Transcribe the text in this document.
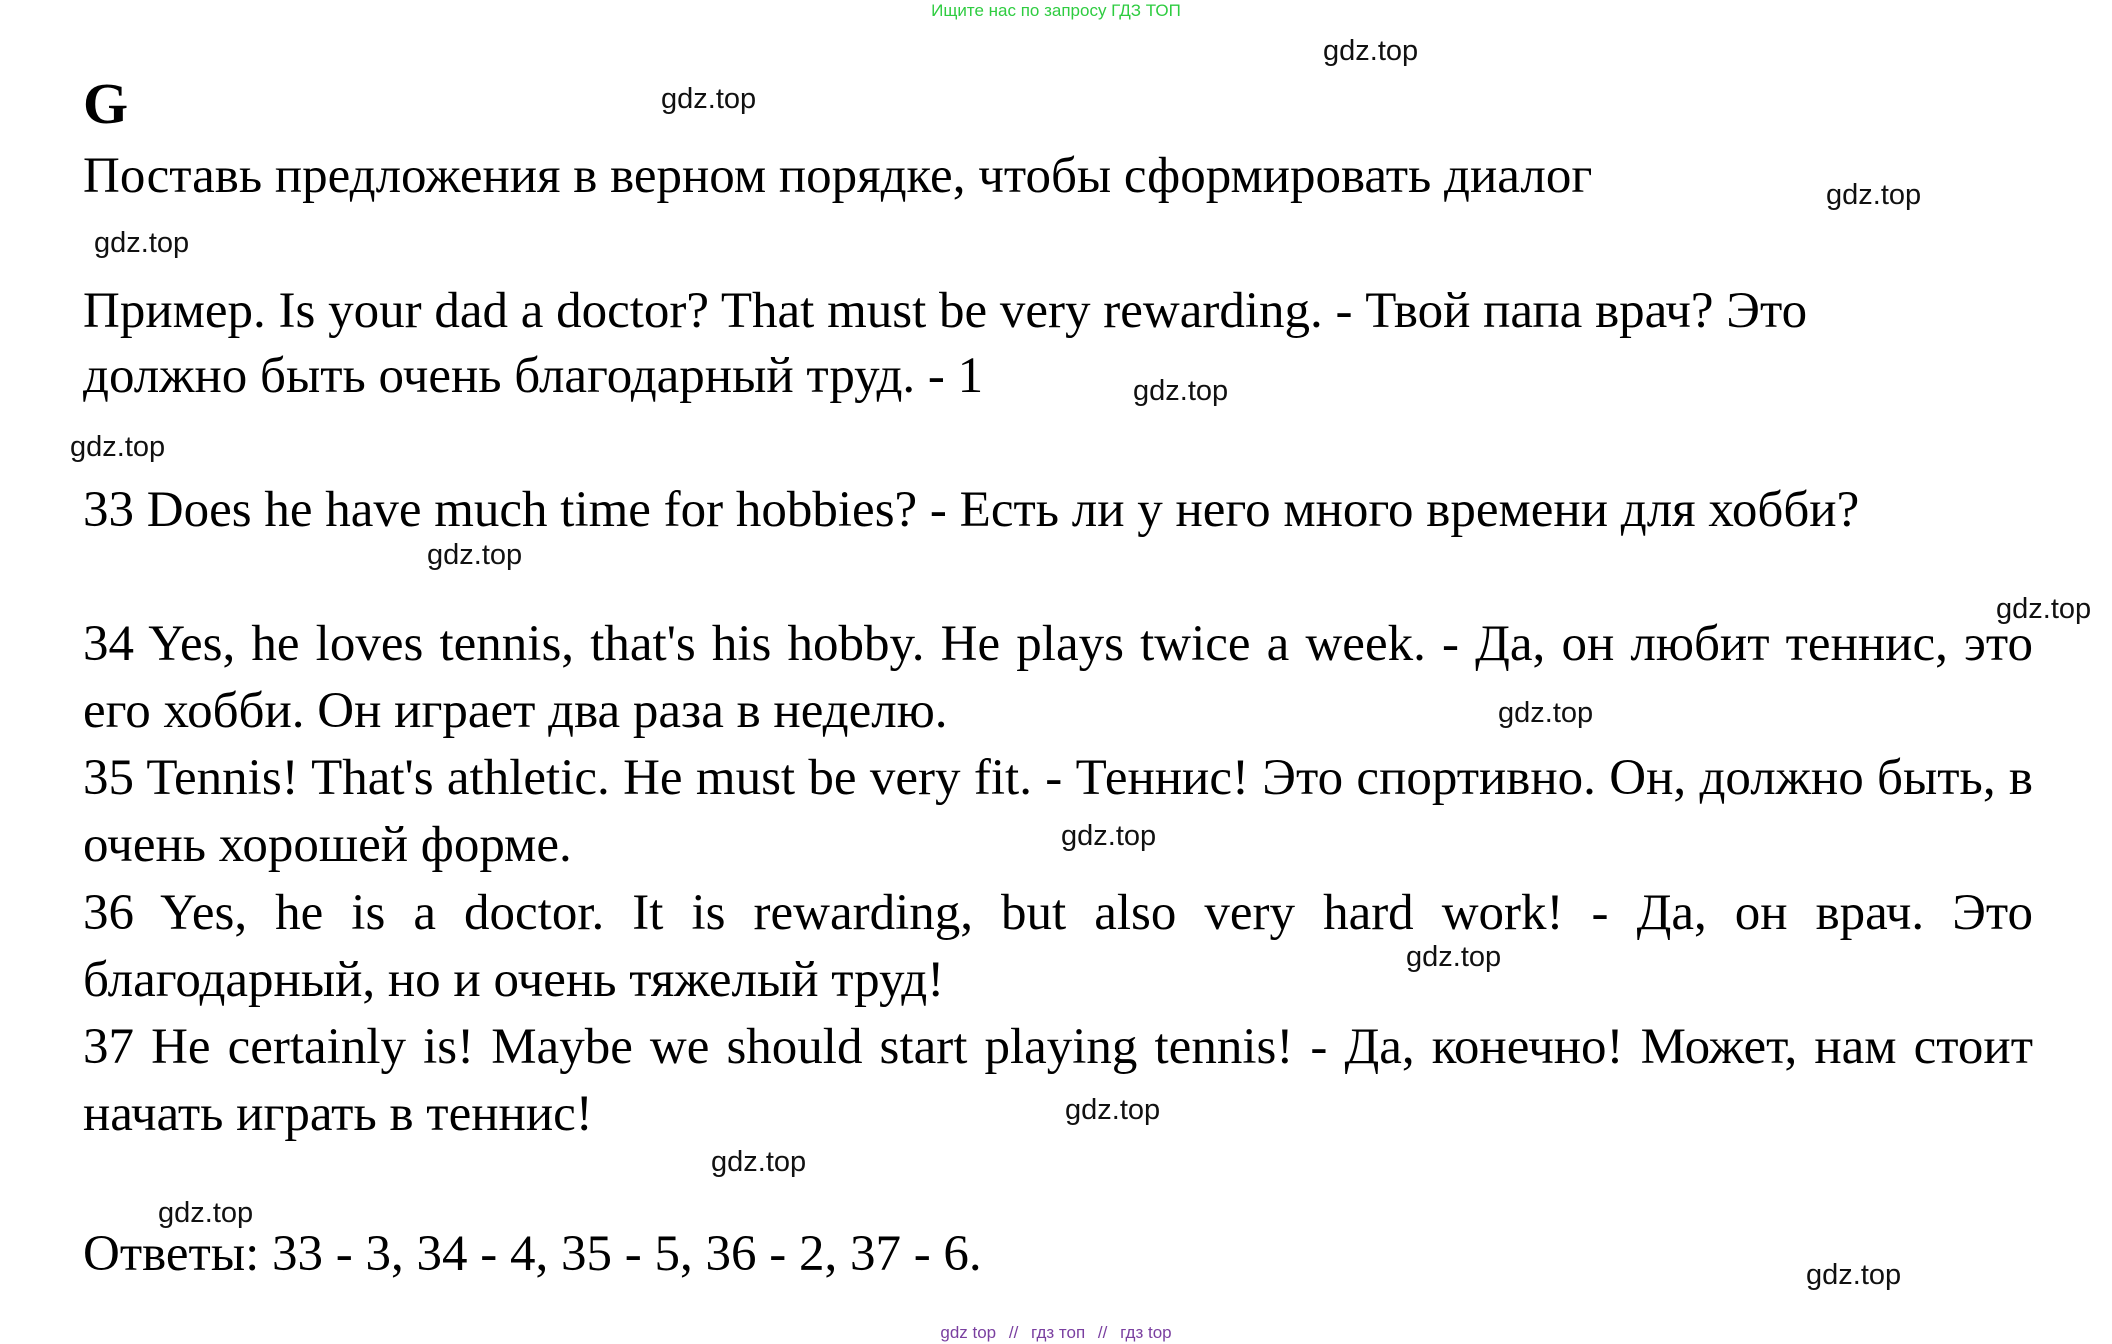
Ищите нас по запросу ГДЗ ТОП
G
Поставь предложения в верном порядке, чтобы сформировать диалог
Пример. Is your dad a doctor? That must be very rewarding. - Твой папа врач? Это
должно быть очень благодарный труд. - 1
33 Does he have much time for hobbies? - Есть ли у него много времени для хобби?
34 Yes, he loves tennis, that's his hobby. He plays twice a week. - Да, он любит теннис, это его хобби. Он играет два раза в неделю.
35 Tennis! That's athletic. He must be very fit. - Теннис! Это спортивно. Он, должно быть, в очень хорошей форме.
36 Yes, he is a doctor. It is rewarding, but also very hard work! - Да, он врач. Это благодарный, но и очень тяжелый труд!
37 He certainly is! Maybe we should start playing tennis! - Да, конечно! Может, нам стоит начать играть в теннис!
Ответы: 33 - 3, 34 - 4, 35 - 5, 36 - 2, 37 - 6.
gdz.top
gdz.top
gdz.top
gdz.top
gdz.top
gdz.top
gdz.top
gdz.top
gdz.top
gdz.top
gdz.top
gdz.top
gdz.top
gdz.top
gdz.top
gdz top // гдз топ // гдз top
